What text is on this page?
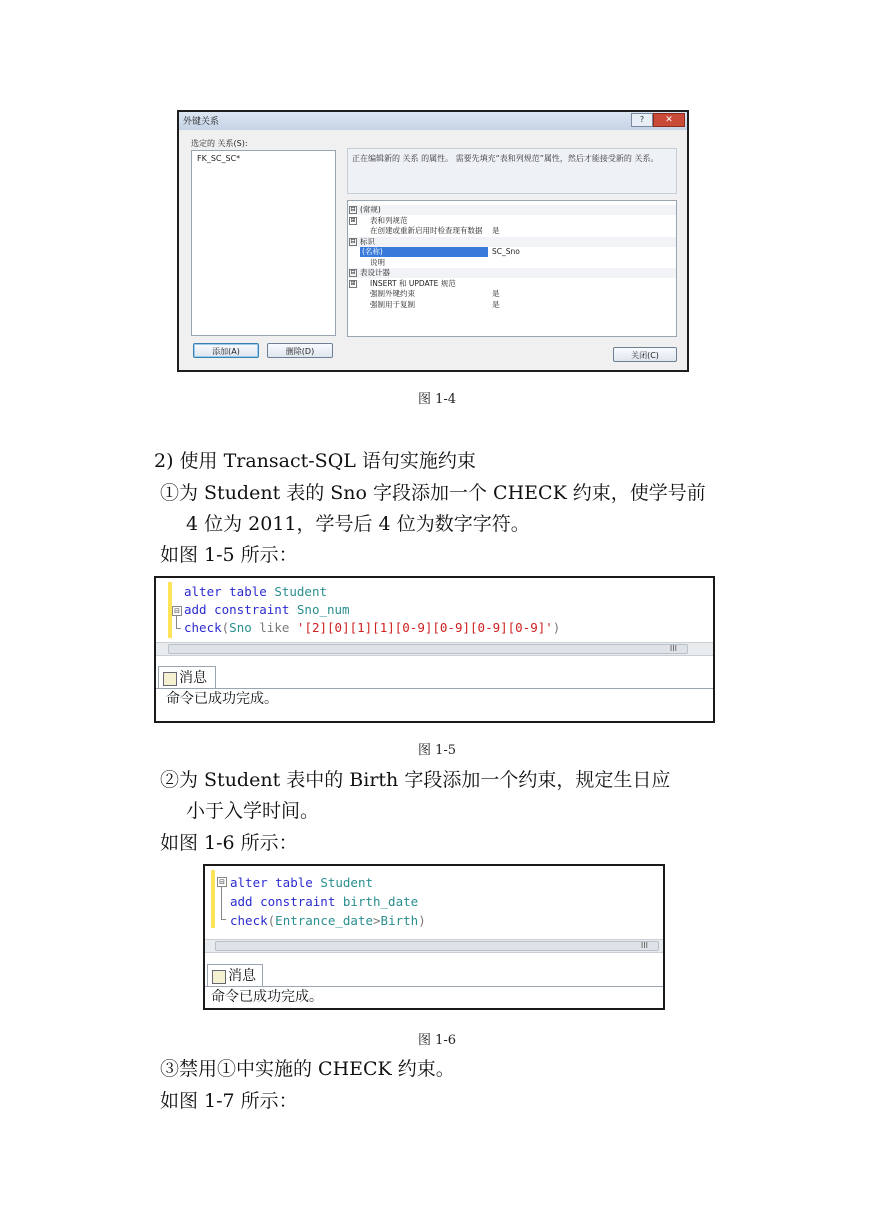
外键关系	?	✕
选定的 关系(S):
FK_SC_SC*	正在编辑新的 关系 的属性。 需要先填充“表和列规范”属性，然后才能接受新的 关系。
⊟ (常规)
⊞ 表和列规范
在创建或重新启用时检查现有数据 是
⊟ 标识
(名称)	SC_Sno
说明
⊟ 表设计器
⊞ INSERT 和 UPDATE 规范
强制外键约束	是
强制用于复制	是
添加(A)	删除(D)	关闭(C)
图 1-4
2) 使用 Transact-SQL 语句实施约束
①为 Student 表的 Sno 字段添加一个 CHECK 约束，使学号前
4 位为 2011，学号后 4 位为数字字符。
如图 1-5 所示：
⊟
alter table Student
add constraint Sno_num
check(Sno like '[2][0][1][1][0-9][0-9][0-9][0-9]')
III
消息
命令已成功完成。
图 1-5
②为 Student 表中的 Birth 字段添加一个约束，规定生日应
小于入学时间。
如图 1-6 所示：
⊟ alter table Student
add constraint birth_date
check(Entrance_date>Birth)
III
消息
命令已成功完成。
图 1-6
③禁用①中实施的 CHECK 约束。
如图 1-7 所示：
